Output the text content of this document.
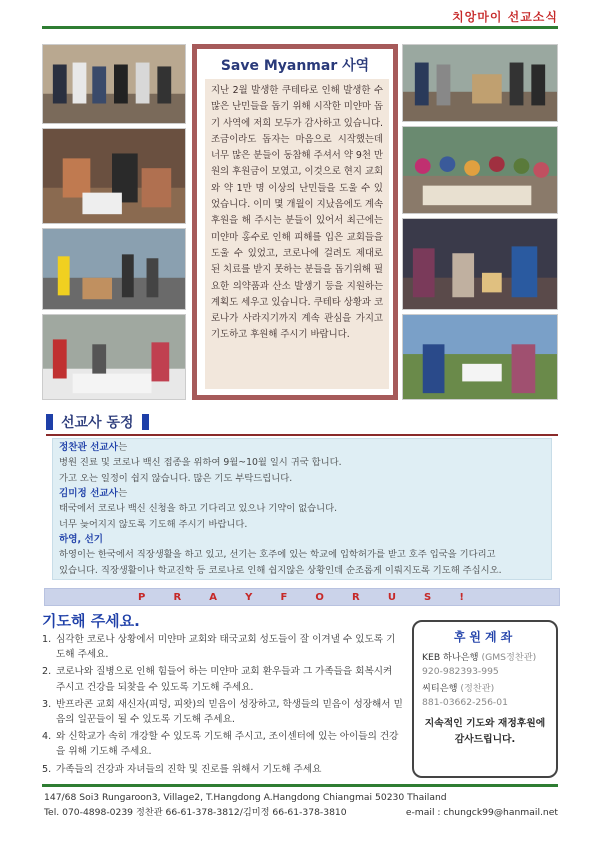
치앙마이 선교소식
Save Myanmar 사역
지난 2월 발생한 쿠테타로 인해 발생한 수많은 난민들을 돕기 위해 시작한 미얀마 돕기 사역에 저희 모두가 감사하고 있습니다. 조금이라도 돕자는 마음으로 시작했는데 너무 많은 분들이 동참해 주셔서 약 9천 만원의 후원금이 모였고, 이것으로 현지 교회와 약 1만 명 이상의 난민들을 도울 수 있었습니다. 이미 몇 개월이 지났음에도 계속 후원을 해 주시는 분들이 있어서 최근에는 미얀마 홍수로 인해 피해를 입은 교회들을 도울 수 있었고, 코로나에 걸려도 제대로 된 치료를 받지 못하는 분들을 돕기위해 필요한 의약품과 산소 발생기 등을 지원하는 계획도 세우고 있습니다. 쿠테타 상황과 코로나가 사라지기까지 계속 관심을 가지고 기도하고 후원해 주시기 바랍니다.
선교사 동정
정찬관 선교사는
병원 진료 및 코로나 백신 접종을 위하여 9월~10월 일시 귀국 합니다.
가고 오는 일정이 쉽지 않습니다. 많은 기도 부탁드립니다.
김미정 선교사는
태국에서 코로나 백신 신청을 하고 기다리고 있으나 기약이 없습니다.
너무 늦어지지 않도록 기도해 주시기 바랍니다.
하영, 선기
하영이는 한국에서 직장생활을 하고 있고, 선기는 호주에 있는 학교에 입학허가를 받고 호주 입국을 기다리고
있습니다. 직장생활이나 학교진학 등 코로나로 인해 쉽지않은 상황인데 순조롭게 이뤄지도록 기도해 주십시오.
P	R	A	Y	F	O	R	U	S	!
기도해 주세요.
1. 심각한 코로나 상황에서 미얀마 교회와 태국교회 성도들이 잘 이겨낼 수 있도록 기도해 주세요.
2. 코로나와 질병으로 인해 힘들어 하는 미얀마 교회 환우들과 그 가족들을 회복시켜 주시고 건강을 되찾을 수 있도록 기도해 주세요.
3. 반프라콘 교회 새신자(피덩, 피왓)의 믿음이 성장하고, 학생들의 믿음이 성장해서 믿음의 일꾼들이 될 수 있도록 기도해 주세요.
4. 와 신학교가 속히 개강할 수 있도록 기도해 주시고, 조이센터에 있는 아이들의 건강을 위해 기도해 주세요.
5. 가족들의 건강과 자녀들의 진학 및 진로를 위해서 기도해 주세요
후원계좌
KEB 하나은행 (GMS정찬관)
920-982393-995
씨티은행 (정찬관)
881-03662-256-01
지속적인 기도와 재정후원에
감사드립니다.
147/68 Soi3 Rungaroon3, Village2, T.Hangdong A.Hangdong Chiangmai 50230 Thailand
Tel. 070-4898-0239 정찬관 66-61-378-3812/김미정 66-61-378-3810	e-mail : chungck99@hanmail.net
